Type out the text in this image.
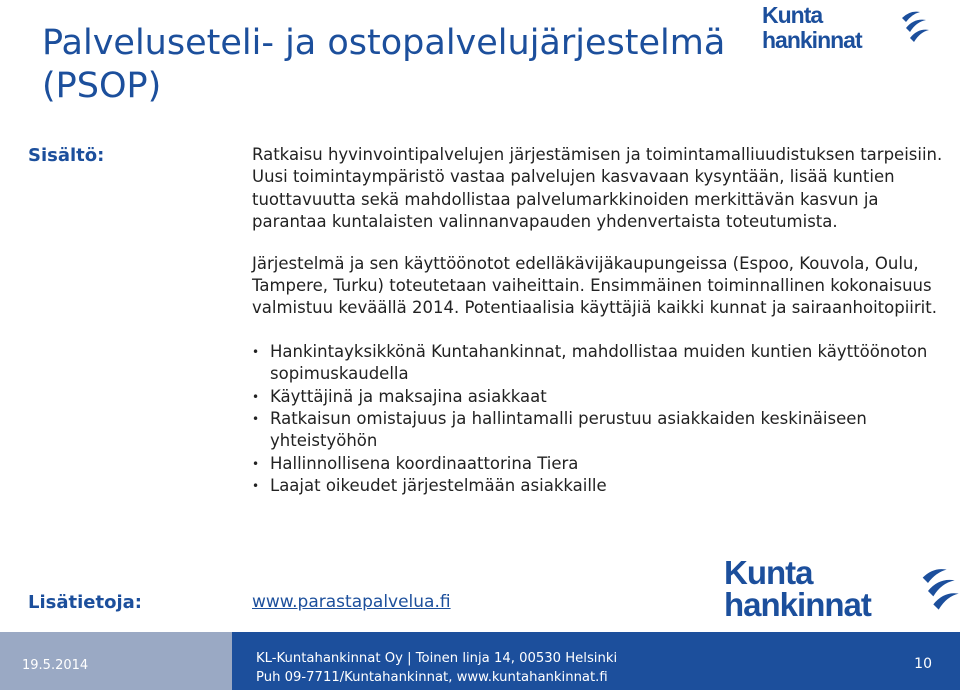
Palveluseteli- ja ostopalvelujärjestelmä (PSOP)
Kunta
hankinnat
Sisältö:	Ratkaisu hyvinvointipalvelujen järjestämisen ja toimintamalliuudistuksen tarpeisiin. Uusi toimintaympäristö vastaa palvelujen kasvavaan kysyntään, lisää kuntien tuottavuutta sekä mahdollistaa palvelumarkkinoiden merkittävän kasvun ja parantaa kuntalaisten valinnanvapauden yhdenvertaista toteutumista.

Järjestelmä ja sen käyttöönotot edelläkävijäkaupungeissa (Espoo, Kouvola, Oulu, Tampere, Turku) toteutetaan vaiheittain. Ensimmäinen toiminnallinen kokonaisuus valmistuu keväällä 2014. Potentiaalisia käyttäjiä kaikki kunnat ja sairaanhoitopiirit.

• Hankintayksikkönä Kuntahankinnat, mahdollistaa muiden kuntien käyttöönoton sopimuskaudella
• Käyttäjinä ja maksajina asiakkaat
• Ratkaisun omistajuus ja hallintamalli perustuu asiakkaiden keskinäiseen yhteistyöhön
• Hallinnollisena koordinaattorina Tiera
• Laajat oikeudet järjestelmään asiakkaille
Lisätietoja:	www.parastapalvelua.fi
Kunta
hankinnat
19.5.2014	KL-Kuntahankinnat Oy | Toinen linja 14, 00530 Helsinki
Puh 09-7711/Kuntahankinnat, www.kuntahankinnat.fi
10
